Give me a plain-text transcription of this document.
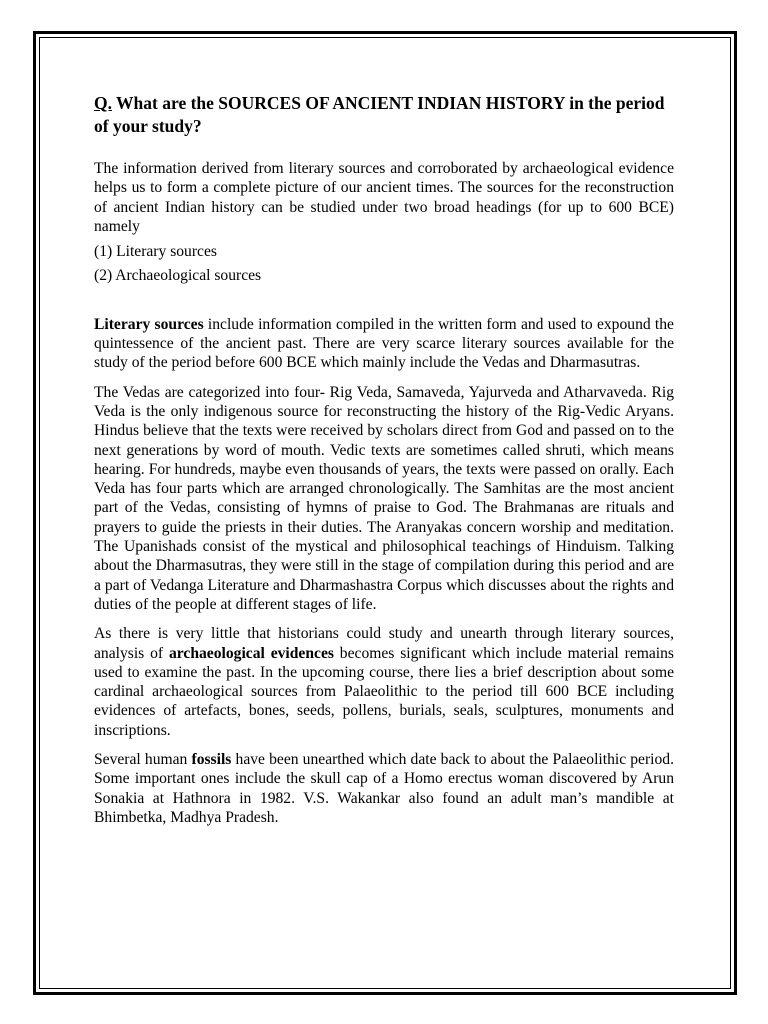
Q. What are the SOURCES OF ANCIENT INDIAN HISTORY in the period of your study?

The information derived from literary sources and corroborated by archaeological evidence helps us to form a complete picture of our ancient times. The sources for the reconstruction of ancient Indian history can be studied under two broad headings (for up to 600 BCE) namely

(1) Literary sources
(2) Archaeological sources

Literary sources include information compiled in the written form and used to expound the quintessence of the ancient past. There are very scarce literary sources available for the study of the period before 600 BCE which mainly include the Vedas and Dharmasutras.

The Vedas are categorized into four- Rig Veda, Samaveda, Yajurveda and Atharvaveda. Rig Veda is the only indigenous source for reconstructing the history of the Rig-Vedic Aryans. Hindus believe that the texts were received by scholars direct from God and passed on to the next generations by word of mouth. Vedic texts are sometimes called shruti, which means hearing. For hundreds, maybe even thousands of years, the texts were passed on orally. Each Veda has four parts which are arranged chronologically. The Samhitas are the most ancient part of the Vedas, consisting of hymns of praise to God. The Brahmanas are rituals and prayers to guide the priests in their duties. The Aranyakas concern worship and meditation. The Upanishads consist of the mystical and philosophical teachings of Hinduism. Talking about the Dharmasutras, they were still in the stage of compilation during this period and are a part of Vedanga Literature and Dharmashastra Corpus which discusses about the rights and duties of the people at different stages of life.

As there is very little that historians could study and unearth through literary sources, analysis of archaeological evidences becomes significant which include material remains used to examine the past. In the upcoming course, there lies a brief description about some cardinal archaeological sources from Palaeolithic to the period till 600 BCE including evidences of artefacts, bones, seeds, pollens, burials, seals, sculptures, monuments and inscriptions.

Several human fossils have been unearthed which date back to about the Palaeolithic period. Some important ones include the skull cap of a Homo erectus woman discovered by Arun Sonakia at Hathnora in 1982. V.S. Wakankar also found an adult man’s mandible at Bhimbetka, Madhya Pradesh.
